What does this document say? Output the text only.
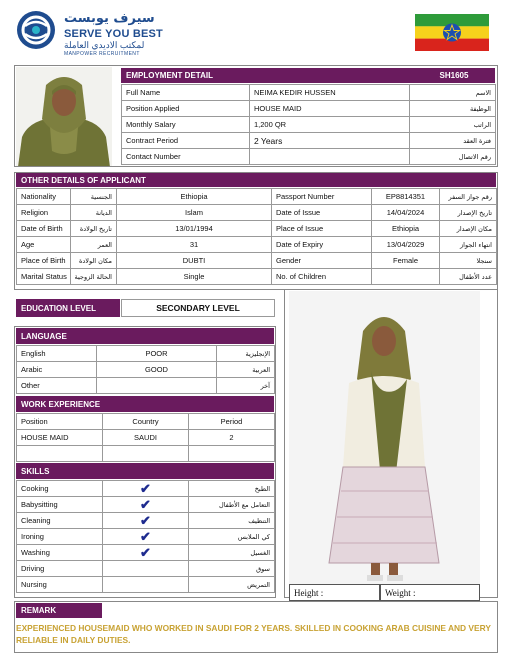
سيرف يوبست
SERVE YOU BEST
لمكتب الاديدي العاملة
MANPOWER RECRUITMENT
EMPLOYMENT DETAIL	SH1605
Full Name	NEIMA KEDIR HUSSEN	الاسم
Position Applied	HOUSE MAID	الوظيفة
Monthly Salary	1,200 QR	الراتب
Contract Period	2 Years	فترة العقد
Contact Number		رقم الاتصال
OTHER DETAILS OF APPLICANT
Nationality	الجنسية	Ethiopia	Passport Number	EP8814351	رقم جواز السفر
Religion	الديانة	Islam	Date of Issue	14/04/2024	تاريخ الإصدار
Date of Birth	تاريخ الولادة	13/01/1994	Place of Issue	Ethiopia	مكان الإصدار
Age	العمر	31	Date of Expiry	13/04/2029	انتهاء الجواز
Place of Birth	مكان الولادة	DUBTI	Gender	Female	سنجلا
Marital Status	الحالة الزوجية	Single	No. of Children		عدد الأطفال
EDUCATION LEVEL	SECONDARY LEVEL
LANGUAGE
English	POOR	الإنجليزية
Arabic	GOOD	العربية
Other		آخر
WORK EXPERIENCE
Position	Country	Period
HOUSE MAID	SAUDI	2

SKILLS
Cooking	✔	الطبخ
Babysitting	✔	التعامل مع الأطفال
Cleaning	✔	التنظيف
Ironing	✔	كي الملابس
Washing	✔	الغسيل
Driving		سوق
Nursing		التمريض
Height :	Weight :
REMARK
EXPERIENCED HOUSEMAID WHO WORKED IN SAUDI FOR 2 YEARS. SKILLED IN COOKING ARAB CUISINE AND VERY RELIABLE IN DAILY DUTIES.
